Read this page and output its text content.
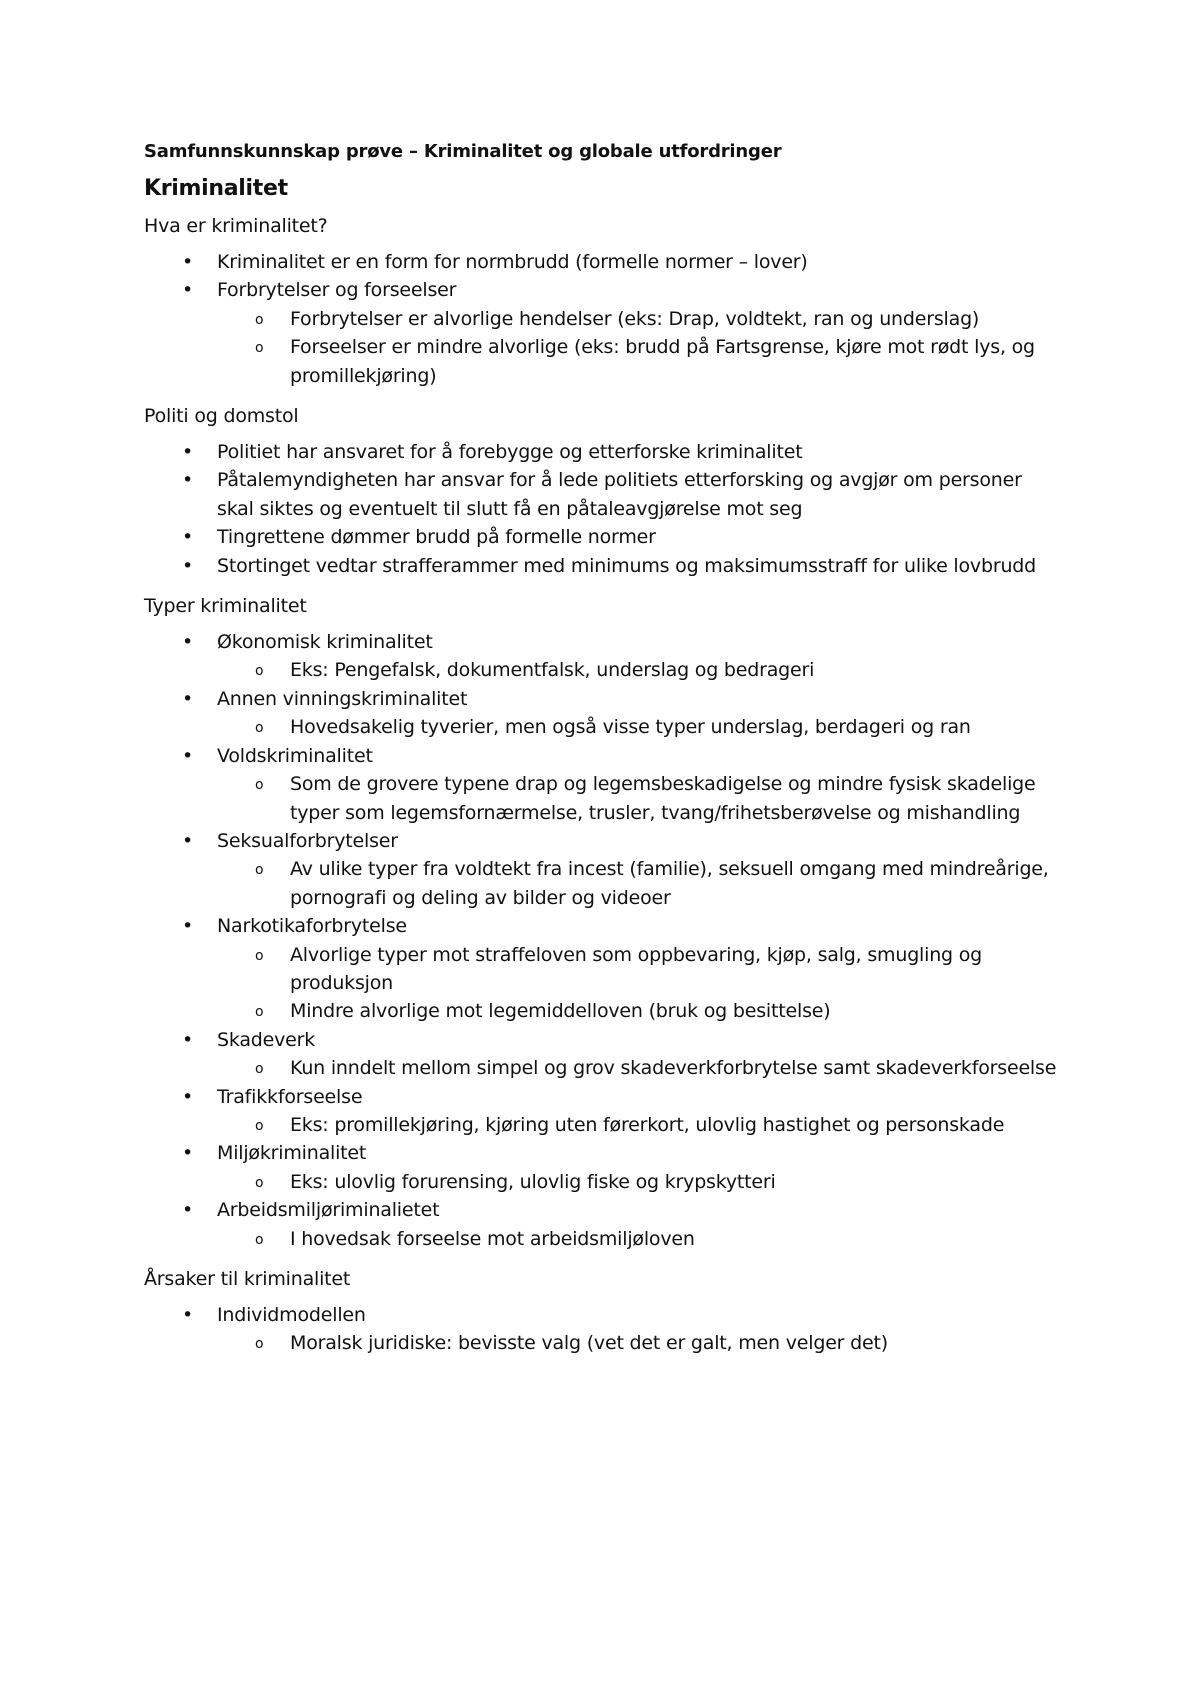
Samfunnskunnskap prøve – Kriminalitet og globale utfordringer
Kriminalitet
Hva er kriminalitet?
• Kriminalitet er en form for normbrudd (formelle normer – lover)
• Forbrytelser og forseelser
o Forbrytelser er alvorlige hendelser (eks: Drap, voldtekt, ran og underslag)
o Forseelser er mindre alvorlige (eks: brudd på Fartsgrense, kjøre mot rødt lys, og promillekjøring)
Politi og domstol
• Politiet har ansvaret for å forebygge og etterforske kriminalitet
• Påtalemyndigheten har ansvar for å lede politiets etterforsking og avgjør om personer skal siktes og eventuelt til slutt få en påtaleavgjørelse mot seg
• Tingrettene dømmer brudd på formelle normer
• Stortinget vedtar strafferammer med minimums og maksimumsstraff for ulike lovbrudd
Typer kriminalitet
• Økonomisk kriminalitet
o Eks: Pengefalsk, dokumentfalsk, underslag og bedrageri
• Annen vinningskriminalitet
o Hovedsakelig tyverier, men også visse typer underslag, berdageri og ran
• Voldskriminalitet
o Som de grovere typene drap og legemsbeskadigelse og mindre fysisk skadelige typer som legemsfornærmelse, trusler, tvang/frihetsberøvelse og mishandling
• Seksualforbrytelser
o Av ulike typer fra voldtekt fra incest (familie), seksuell omgang med mindreårige, pornografi og deling av bilder og videoer
• Narkotikaforbrytelse
o Alvorlige typer mot straffeloven som oppbevaring, kjøp, salg, smugling og produksjon
o Mindre alvorlige mot legemiddelloven (bruk og besittelse)
• Skadeverk
o Kun inndelt mellom simpel og grov skadeverkforbrytelse samt skadeverkforseelse
• Trafikkforseelse
o Eks: promillekjøring, kjøring uten førerkort, ulovlig hastighet og personskade
• Miljøkriminalitet
o Eks: ulovlig forurensing, ulovlig fiske og krypskytteri
• Arbeidsmiljøriminalietet
o I hovedsak forseelse mot arbeidsmiljøloven
Årsaker til kriminalitet
• Individmodellen
o Moralsk juridiske: bevisste valg (vet det er galt, men velger det)
